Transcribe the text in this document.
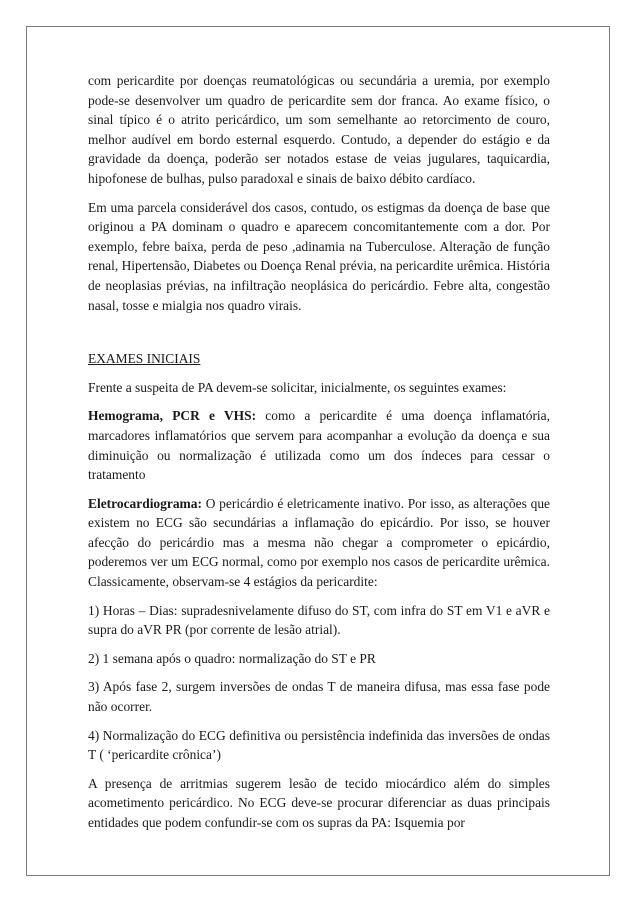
com pericardite por doenças reumatológicas ou secundária a uremia, por exemplo pode-se desenvolver um quadro de pericardite sem dor franca. Ao exame físico, o sinal típico é o atrito pericárdico, um som semelhante ao retorcimento de couro, melhor audível em bordo esternal esquerdo. Contudo, a depender do estágio e da gravidade da doença, poderão ser notados estase de veias jugulares, taquicardia, hipofonese de bulhas, pulso paradoxal e sinais de baixo débito cardíaco.

Em uma parcela considerável dos casos, contudo, os estigmas da doença de base que originou a PA dominam o quadro e aparecem concomitantemente com a dor. Por exemplo, febre baixa, perda de peso ,adinamia na Tuberculose. Alteração de função renal, Hipertensão, Diabetes ou Doença Renal prévia, na pericardite urêmica. História de neoplasias prévias, na infiltração neoplásica do pericárdio. Febre alta, congestão nasal, tosse e mialgia nos quadro virais.

EXAMES INICIAIS

Frente a suspeita de PA devem-se solicitar, inicialmente, os seguintes exames:

Hemograma, PCR e VHS: como a pericardite é uma doença inflamatória, marcadores inflamatórios que servem para acompanhar a evolução da doença e sua diminuição ou normalização é utilizada como um dos índeces para cessar o tratamento

Eletrocardiograma: O pericárdio é eletricamente inativo. Por isso, as alterações que existem no ECG são secundárias a inflamação do epicárdio. Por isso, se houver afecção do pericárdio mas a mesma não chegar a comprometer o epicárdio, poderemos ver um ECG normal, como por exemplo nos casos de pericardite urêmica. Classicamente, observam-se 4 estágios da pericardite:

1) Horas – Dias: supradesnivelamente difuso do ST, com infra do ST em V1 e aVR e supra do aVR PR (por corrente de lesão atrial).

2) 1 semana após o quadro: normalização do ST e PR

3) Após fase 2, surgem inversões de ondas T de maneira difusa, mas essa fase pode não ocorrer.

4) Normalização do ECG definitiva ou persistência indefinida das inversões de ondas T ( ‘pericardite crônica’)

A presença de arritmias sugerem lesão de tecido miocárdico além do simples acometimento pericárdico. No ECG deve-se procurar diferenciar as duas principais entidades que podem confundir-se com os supras da PA: Isquemia por
